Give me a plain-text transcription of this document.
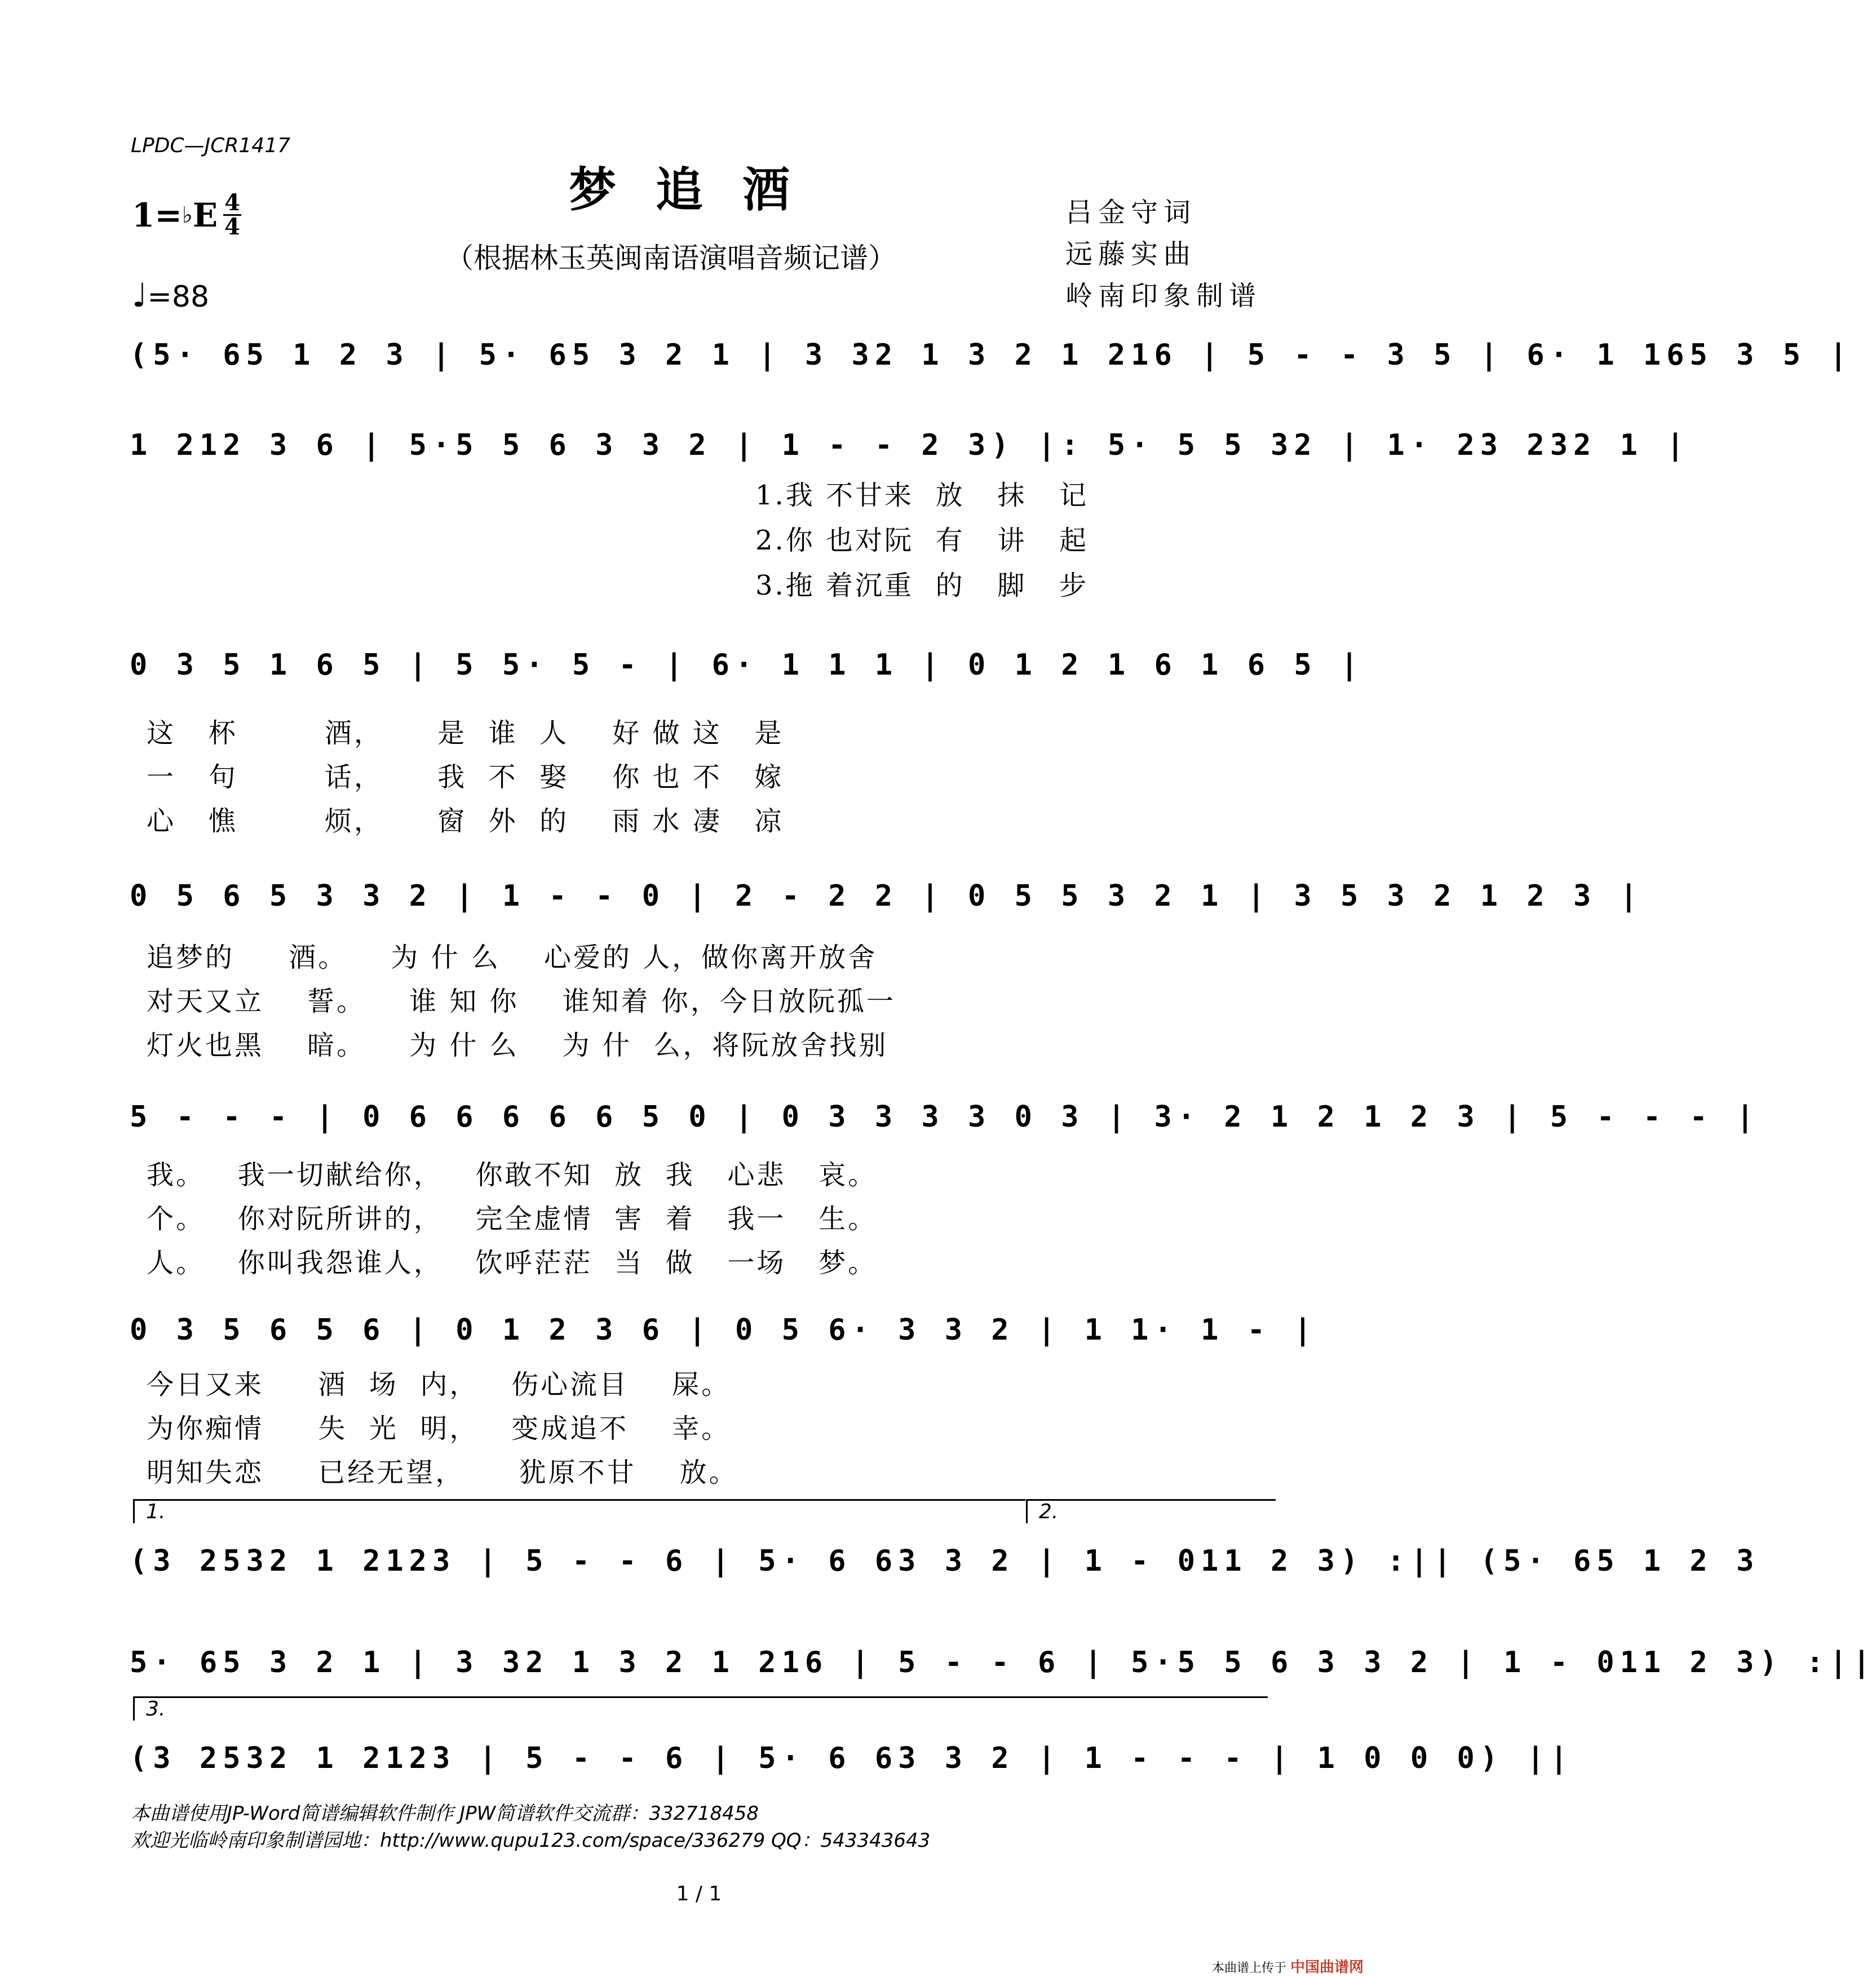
LPDC—JCR1417
梦追酒
（根据林玉英闽南语演唱音频记谱）
1= ♭ E $\frac{4}{4}$
♩=88
吕金守词
远藤实曲
岭南印象制谱
(5· 65 1 2 3 | 5· 65 3 2 1 | 3 32 1 3 2 1 216 | 5 - - 3 5 | 6· 1 165 3 5 |
1 212 3 6 | 5·5 5 6 3 3 2 | 1 - - 2 3) |: 5· 5 5 32 | 1· 23 232 1 |
1.我 不甘来  放   抹   记
2.你 也对阮  有   讲   起
3.拖 着沉重  的   脚   步
0 3 5 1 6 5 | 5 5· 5 - | 6· 1 1 1 | 0 1 2 1 6 1 6 5 |
这   杯        酒，     是  谁  人    好 做 这   是
一   句        话，     我  不  娶    你 也 不   嫁
心   憔        烦，     窗  外  的    雨 水 凄   凉
0 5 6 5 3 3 2 | 1 - - 0 | 2 - 2 2 | 0 5 5 3 2 1 | 3 5 3 2 1 2 3 |
追梦的     酒。    为 什 么    心爱的 人，做你离开放舍
对天又立    誓。    谁 知 你    谁知着 你，今日放阮孤一
灯火也黑    暗。    为 什 么    为 什  么，将阮放舍找别
5 - - - | 0 6 6 6 6 6 5 0 | 0 3 3 3 3 0 3 | 3· 2 1 2 1 2 3 | 5 - - - |
我。   我一切献给你，   你敢不知  放  我   心悲   哀。
个。   你对阮所讲的，   完全虚情  害  着   我一   生。
人。   你叫我怨谁人，   饮呼茫茫  当  做   一场   梦。
0 3 5 6 5 6 | 0 1 2 3 6 | 0 5 6· 3 3 2 | 1 1· 1 - |
今日又来     酒  场  内，   伤心流目    屎。
为你痴情     失  光  明，   变成追不    幸。
明知失恋     已经无望，     犹原不甘    放。
1.	2.
(3 2532 1 2123 | 5 - - 6 | 5· 6 63 3 2 | 1 - 011 2 3) :|| (5· 65 1 2 3
5· 65 3 2 1 | 3 32 1 3 2 1 216 | 5 - - 6 | 5·5 5 6 3 3 2 | 1 - 011 2 3) :||
3.
(3 2532 1 2123 | 5 - - 6 | 5· 6 63 3 2 | 1 - - - | 1 0 0 0) ||
本曲谱使用JP-Word简谱编辑软件制作 JPW简谱软件交流群：332718458
欢迎光临岭南印象制谱园地：http://www.qupu123.com/space/336279 QQ：543343643
1 / 1
本曲谱上传于 中国曲谱网
